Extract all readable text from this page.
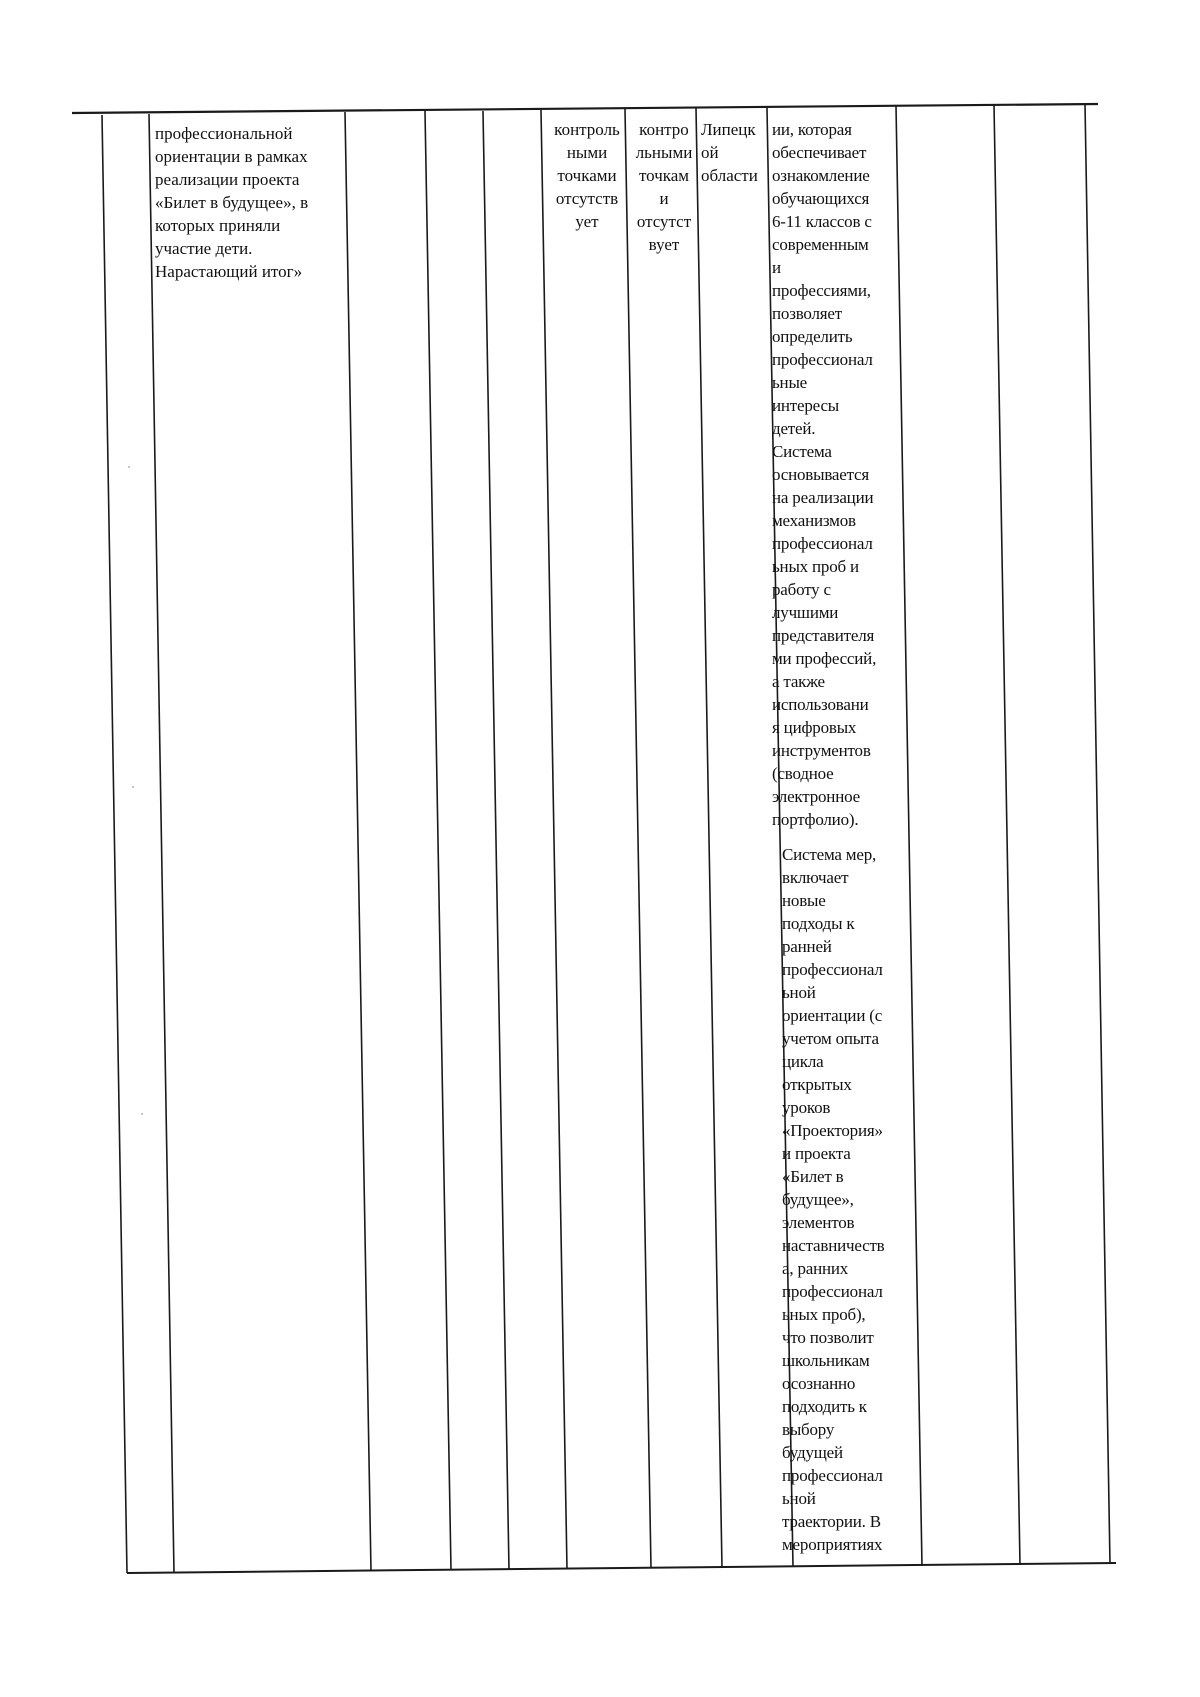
профессиональной
ориентации в рамках
реализации проекта
«Билет в будущее», в
которых приняли
участие дети.
Нарастающий итог»
контроль
ными
точками
отсутств
ует
контро
льными
точкам
и
отсутст
вует
Липецк
ой
области
ии, которая
обеспечивает
ознакомление
обучающихся
6-11 классов с
современным
и
профессиями,
позволяет
определить
профессионал
ьные
интересы
детей.
Система
основывается
на реализации
механизмов
профессионал
ьных проб и
работу с
лучшими
представителя
ми профессий,
а также
использовани
я цифровых
инструментов
(сводное
электронное
портфолио).
Система мер,
включает
новые
подходы к
ранней
профессионал
ьной
ориентации (с
учетом опыта
цикла
открытых
уроков
«Проектория»
и проекта
«Билет в
будущее»,
элементов
наставничеств
а, ранних
профессионал
ьных проб),
что позволит
школьникам
осознанно
подходить к
выбору
будущей
профессионал
ьной
траектории. В
мероприятиях
